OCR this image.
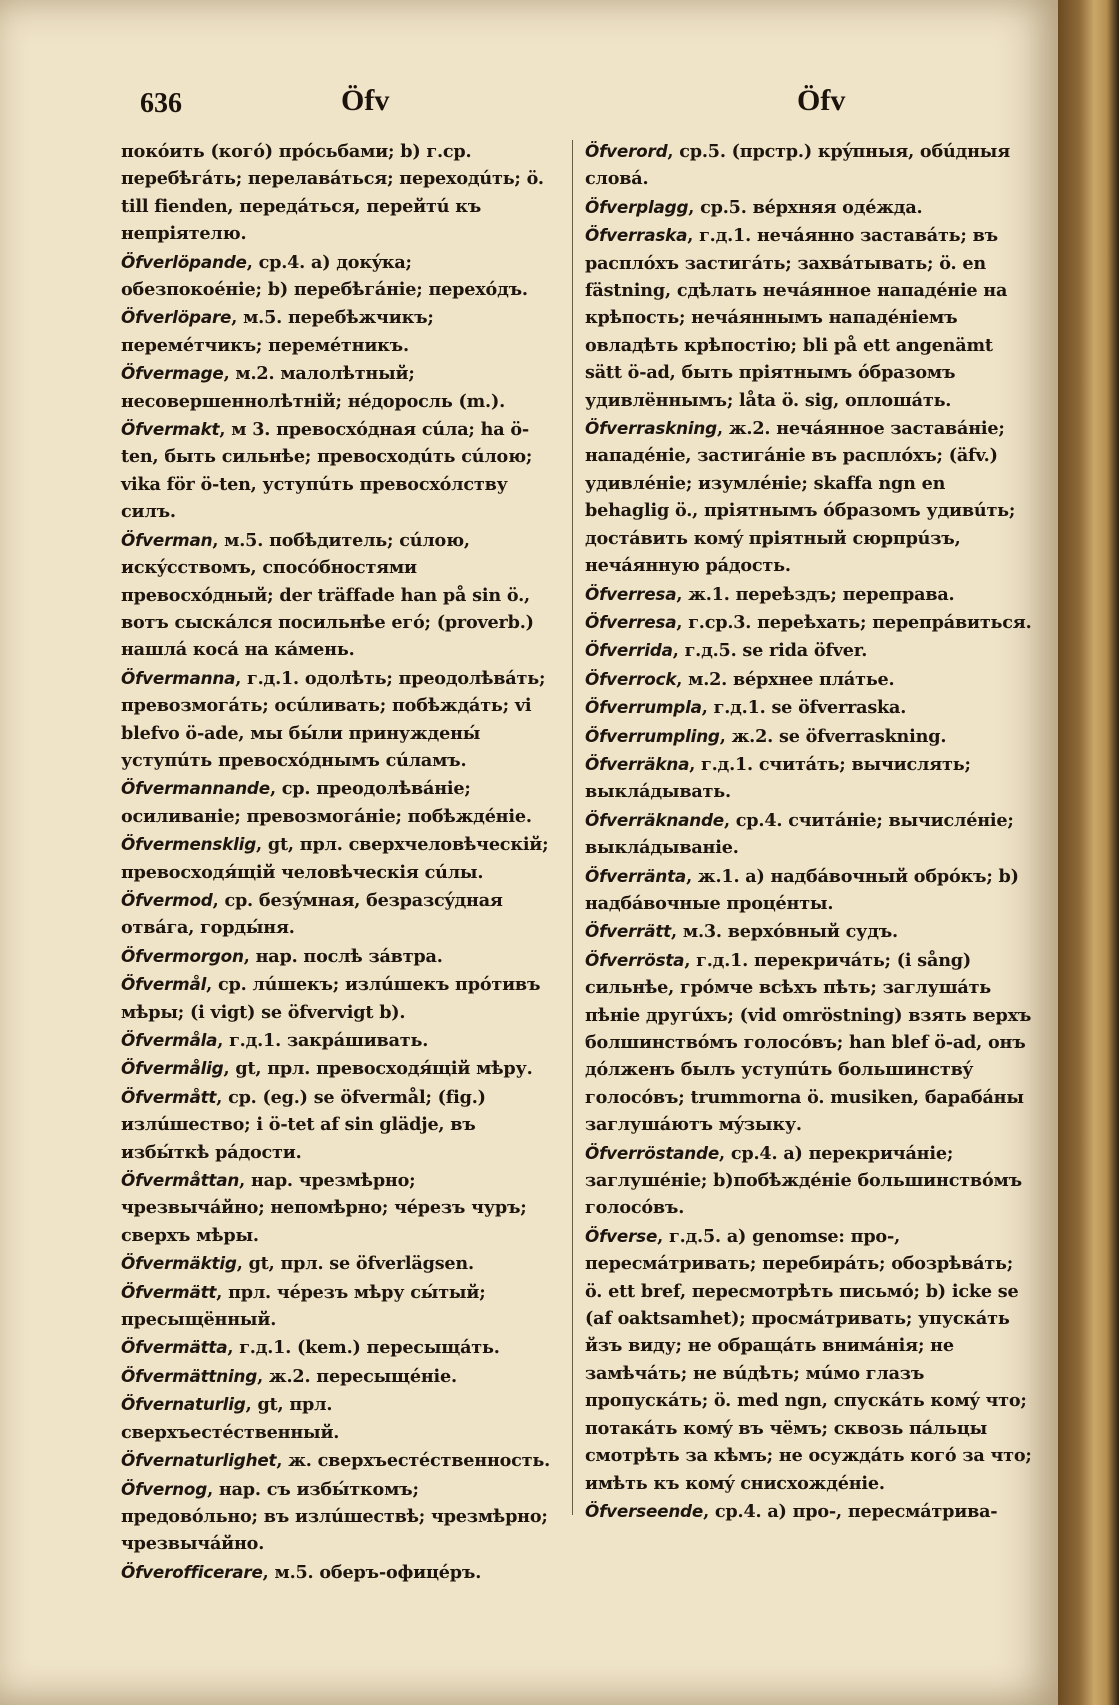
636	Öfv	Öfv
покóить (когó) прóсьбами; b) г.ср. перебѣгáть; перелавáться; переходúть; ö. till fienden, передáться, перейтú къ непріятелю.
Öfverlöpande, ср.4. a) докýка; обезпокоéніе; b) перебѣгáніе; перехóдъ.
Öfverlöpare, м.5. перебѣжчикъ; перемéтчикъ; перемéтникъ.
Öfvermage, м.2. малолѣтный; несовершеннолѣтній; нéдоросль (m.).
Öfvermakt, м 3. превосхóдная сúла; ha ö-ten, быть сильнѣе; превосходúть сúлою; vika för ö-ten, уступúть превосхóлству силъ.
Öfverman, м.5. побѣдитель; сúлою, искýсствомъ, спосóбностями превосхóдный; der träffade han på sin ö., вотъ сыскáлся посильнѣе егó; (proverb.) нашлá косá на кáмень.
Öfvermanna, г.д.1. одолѣть; преодолѣвáть; превозмогáть; осúливать; побѣждáть; vi blefvo ö-ade, мы бы́ли принуждены́ уступúть превосхóднымъ сúламъ.
Öfvermannande, ср. преодолѣвáніе; осиливаніе; превозмогáніе; побѣждéніе.
Öfvermensklig, gt, прл. сверхчеловѣческій; превосходя́щій человѣческія сúлы.
Öfvermod, ср. безýмная, безразсýдная отвáга, горды́ня.
Öfvermorgon, нар. послѣ зáвтра.
Öfvermål, ср. лúшекъ; излúшекъ прóтивъ мѣры; (i vigt) se öfvervigt b).
Öfvermåla, г.д.1. закрáшивать.
Öfvermålig, gt, прл. превосходя́щій мѣру.
Öfvermått, ср. (eg.) se öfvermål; (fig.) излúшество; i ö-tet af sin glädje, въ избы́ткѣ рáдости.
Öfvermåttan, нар. чрезмѣрно; чрезвычáйно; непомѣрно; чéрезъ чуръ; сверхъ мѣры.
Öfvermäktig, gt, прл. se öfverlägsen.
Öfvermätt, прл. чéрезъ мѣру сы́тый; пресыщённый.
Öfvermätta, г.д.1. (kem.) пересыщáть.
Öfvermättning, ж.2. пересыщéніе.
Öfvernaturlig, gt, прл. сверхъестéственный.
Öfvernaturlighet, ж. сверхъестéственность.
Öfvernog, нар. съ избы́ткомъ; предовóльно; въ излúшествѣ; чрезмѣрно; чрезвычáйно.
Öfverofficerare, м.5. оберъ-офицéръ.
Öfverord, ср.5. (прстр.) крýпныя, обúдныя словá.
Öfverplagg, ср.5. вéрхняя одéжда.
Öfverraska, г.д.1. нечáянно заставáть; въ расплóхъ застигáть; захвáтывать; ö. en fästning, сдѣлать нечáянное нападéніе на крѣпость; нечáяннымъ нападéніемъ овладѣть крѣпостію; bli på ett angenämt sätt ö-ad, быть пріятнымъ óбразомъ удивлённымъ; låta ö. sig, оплошáть.
Öfverraskning, ж.2. нечáянное заставáніе; нападéніе, застигáніе въ расплóхъ; (äfv.) удивлéніе; изумлéніе; skaffa ngn en behaglig ö., пріятнымъ óбразомъ удивúть; достáвить комý пріятный сюрпрúзъ, нечáянную рáдость.
Öfverresa, ж.1. переѣздъ; переправа.
Öfverresa, г.ср.3. переѣхать; перепрáвиться.
Öfverrida, г.д.5. se rida öfver.
Öfverrock, м.2. вéрхнее плáтье.
Öfverrumpla, г.д.1. se öfverraska.
Öfverrumpling, ж.2. se öfverraskning.
Öfverräkna, г.д.1. считáть; вычислять; выклáдывать.
Öfverräknande, ср.4. считáніе; вычислéніе; выклáдываніе.
Öfverränta, ж.1. a) надбáвочный обрóкъ; b) надбáвочные процéнты.
Öfverrätt, м.3. верхóвный судъ.
Öfverrösta, г.д.1. перекричáть; (i sång) сильнѣе, грóмче всѣхъ пѣть; заглушáть пѣніе другúхъ; (vid omröstning) взять верхъ болшинствóмъ голосóвъ; han blef ö-ad, онъ дóлженъ былъ уступúть большинствý голосóвъ; trummorna ö. musiken, барабáны заглушáютъ мýзыку.
Öfverröstande, ср.4. a) перекричáніе; заглушéніе; b)побѣждéніе большинствóмъ голосóвъ.
Öfverse, г.д.5. a) genomse: про-, пересмáтривать; перебирáть; обозрѣвáть; ö. ett bref, пересмотрѣть письмó; b) icke se (af oaktsamhet); просмáтривать; упускáть йзъ виду; не обращáть внимáнія; не замѣчáть; не вúдѣть; мúмо глазъ пропускáть; ö. med ngn, спускáть комý что; потакáть комý въ чёмъ; сквозь пáльцы смотрѣть за кѣмъ; не осуждáть когó за что; имѣть къ комý снисхождéніе.
Öfverseende, ср.4. a) про-, пересмáтрива-
